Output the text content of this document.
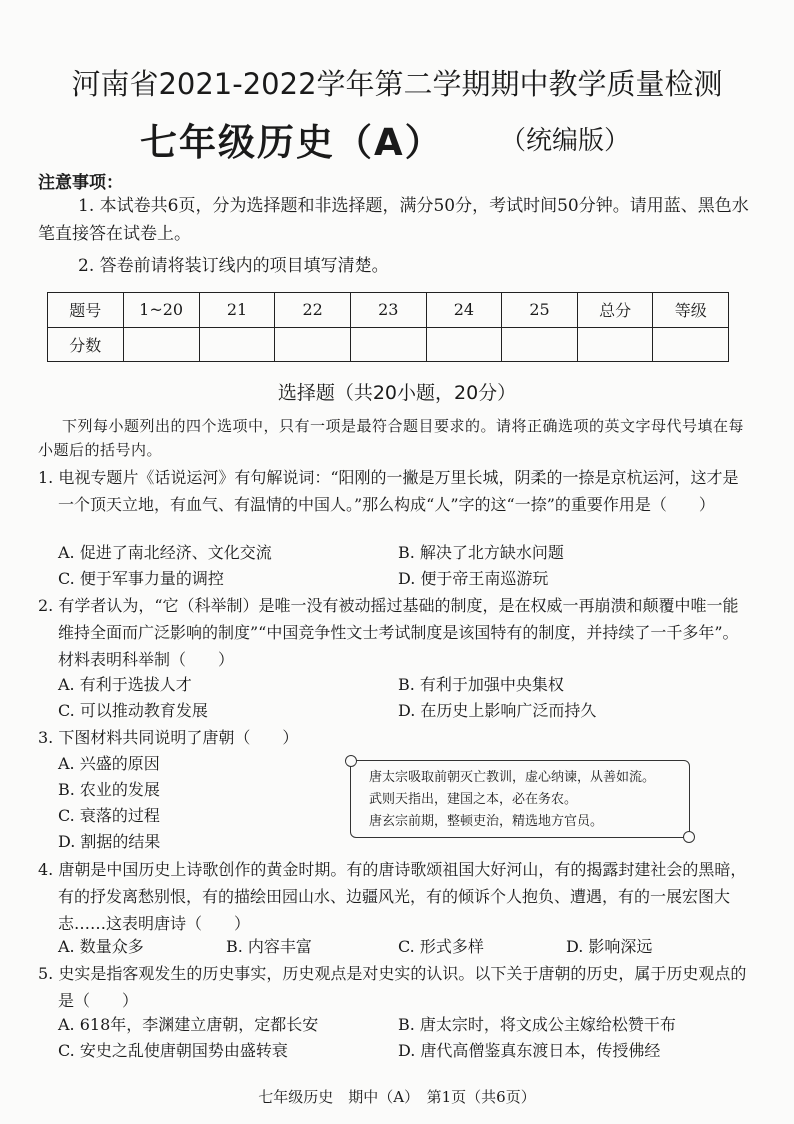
河南省2021-2022学年第二学期期中教学质量检测
七年级历史（A） （统编版）
注意事项：
1. 本试卷共6页，分为选择题和非选择题，满分50分，考试时间50分钟。请用蓝、黑色水笔直接答在试卷上。
2. 答卷前请将装订线内的项目填写清楚。
题号	1~20	21	22	23	24	25	总分	等级
分数								
选择题（共20小题，20分）
下列每小题列出的四个选项中，只有一项是最符合题目要求的。请将正确选项的英文字母代号填在每小题后的括号内。
1. 电视专题片《话说运河》有句解说词：“阳刚的一撇是万里长城，阴柔的一捺是京杭运河，这才是一个顶天立地，有血气、有温情的中国人。”那么构成“人”字的这“一捺”的重要作用是（　　）
A. 促进了南北经济、文化交流	B. 解决了北方缺水问题
C. 便于军事力量的调控	D. 便于帝王南巡游玩
2. 有学者认为，“它（科举制）是唯一没有被动摇过基础的制度，是在权威一再崩溃和颠覆中唯一能维持全面而广泛影响的制度”“中国竞争性文士考试制度是该国特有的制度，并持续了一千多年”。材料表明科举制（　　）
A. 有利于选拔人才	B. 有利于加强中央集权
C. 可以推动教育发展	D. 在历史上影响广泛而持久
3. 下图材料共同说明了唐朝（　　）
A. 兴盛的原因
B. 农业的发展
C. 衰落的过程
D. 割据的结果
唐太宗吸取前朝灭亡教训，虚心纳谏，从善如流。
武则天指出，建国之本，必在务农。
唐玄宗前期，整顿吏治，精选地方官员。
4. 唐朝是中国历史上诗歌创作的黄金时期。有的唐诗歌颂祖国大好河山，有的揭露封建社会的黑暗，有的抒发离愁别恨，有的描绘田园山水、边疆风光，有的倾诉个人抱负、遭遇，有的一展宏图大志……这表明唐诗（　　）
A. 数量众多	B. 内容丰富	C. 形式多样	D. 影响深远
5. 史实是指客观发生的历史事实，历史观点是对史实的认识。以下关于唐朝的历史，属于历史观点的是（　　）
A. 618年，李渊建立唐朝，定都长安	B. 唐太宗时，将文成公主嫁给松赞干布
C. 安史之乱使唐朝国势由盛转衰	D. 唐代高僧鉴真东渡日本，传授佛经
七年级历史　期中（A）　第1页（共6页）
